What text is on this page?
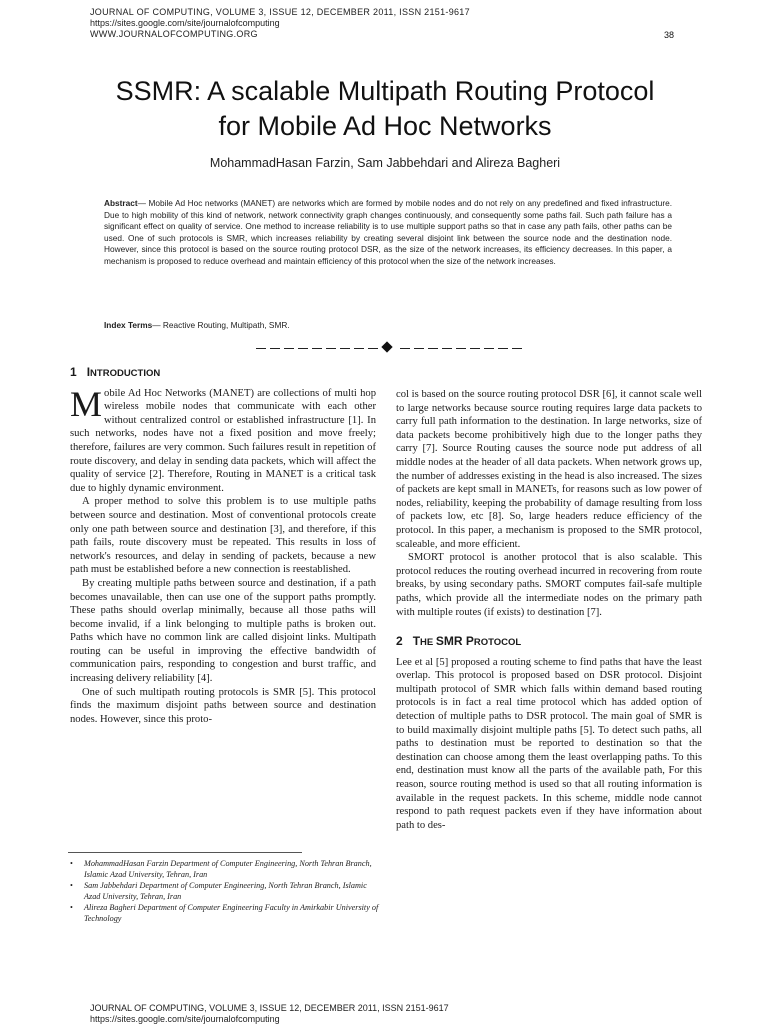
JOURNAL OF COMPUTING, VOLUME 3, ISSUE 12, DECEMBER 2011, ISSN 2151-9617
https://sites.google.com/site/journalofcomputing
WWW.JOURNALOFCOMPUTING.ORG	38
SSMR: A scalable Multipath Routing Protocol
for Mobile Ad Hoc Networks
MohammadHasan Farzin, Sam Jabbehdari and Alireza Bagheri
Abstract— Mobile Ad Hoc networks (MANET) are networks which are formed by mobile nodes and do not rely on any predefined and fixed infrastructure. Due to high mobility of this kind of network, network connectivity graph changes continuously, and consequently some paths fail. Such path failure has a significant effect on quality of service. One method to increase reliability is to use multiple support paths so that in case any path fails, other paths can be used. One of such protocols is SMR, which increases reliability by creating several disjoint link between the source node and the destination node. However, since this protocol is based on the source routing protocol DSR, as the size of the network increases, its efficiency decreases. In this paper, a mechanism is proposed to reduce overhead and maintain efficiency of this protocol when the size of the network increases.
Index Terms— Reactive Routing, Multipath, SMR.

1 INTRODUCTION

Mobile Ad Hoc Networks (MANET) are collections of multi hop wireless mobile nodes that communicate with each other without centralized control or established infrastructure [1]. In such networks, nodes have not a fixed position and move freely; therefore, failures are very common. Such failures result in repetition of route discovery, and delay in sending data packets, which will affect the quality of service [2]. Therefore, Routing in MANET is a critical task due to highly dynamic environment.

A proper method to solve this problem is to use multiple paths between source and destination. Most of conventional protocols create only one path between source and destination [3], and therefore, if this path fails, route discovery must be repeated. This results in loss of network's resources, and delay in sending of packets, because a new path must be established before a new connection is reestablished.

By creating multiple paths between source and destination, if a path becomes unavailable, then can use one of the support paths promptly. These paths should overlap minimally, because all those paths will become invalid, if a link belonging to multiple paths is broken out. Paths which have no common link are called disjoint links. Multipath routing can be useful in improving the effective bandwidth of communication pairs, responding to congestion and burst traffic, and increasing delivery reliability [4].

One of such multipath routing protocols is SMR [5]. This protocol finds the maximum disjoint paths between source and destination nodes. However, since this proto-

col is based on the source routing protocol DSR [6], it cannot scale well to large networks because source routing requires large data packets to carry full path information to the destination. In large networks, size of data packets become prohibitively high due to the longer paths they carry [7]. Source Routing causes the source node put address of all middle nodes at the header of all data packets. When network grows up, the number of addresses existing in the head is also increased. The sizes of packets are kept small in MANETs, for reasons such as low power of nodes, reliability, keeping the probability of damage resulting from loss of packets low, etc [8]. So, large headers reduce efficiency of the protocol. In this paper, a mechanism is proposed to the SMR protocol, scaleable, and more efficient.

SMORT protocol is another protocol that is also scalable. This protocol reduces the routing overhead incurred in recovering from route breaks, by using secondary paths. SMORT computes fail-safe multiple paths, which provide all the intermediate nodes on the primary path with multiple routes (if exists) to destination [7].

2 THE SMR PROTOCOL

Lee et al [5] proposed a routing scheme to find paths that have the least overlap. This protocol is proposed based on DSR protocol. Disjoint multipath protocol of SMR which falls within demand based routing protocols is in fact a real time protocol which has added option of detection of multiple paths to DSR protocol. The main goal of SMR is to build maximally disjoint multiple paths [5]. To detect such paths, all paths to destination must be reported to destination so that the destination can choose among them the least overlapping paths. To this end, destination must know all the parts of the available path, For this reason, source routing method is used so that all routing information is available in the request packets. In this scheme, middle node cannot respond to path request packets even if they have information about path to des-

• MohammadHasan Farzin Department of Computer Engineering, North Tehran Branch, Islamic Azad University, Tehran, Iran
• Sam Jabbehdari Department of Computer Engineering, North Tehran Branch, Islamic Azad University, Tehran, Iran
• Alireza Bagheri Department of Computer Engineering Faculty in Amirkabir University of Technology
JOURNAL OF COMPUTING, VOLUME 3, ISSUE 12, DECEMBER 2011, ISSN 2151-9617
https://sites.google.com/site/journalofcomputing
